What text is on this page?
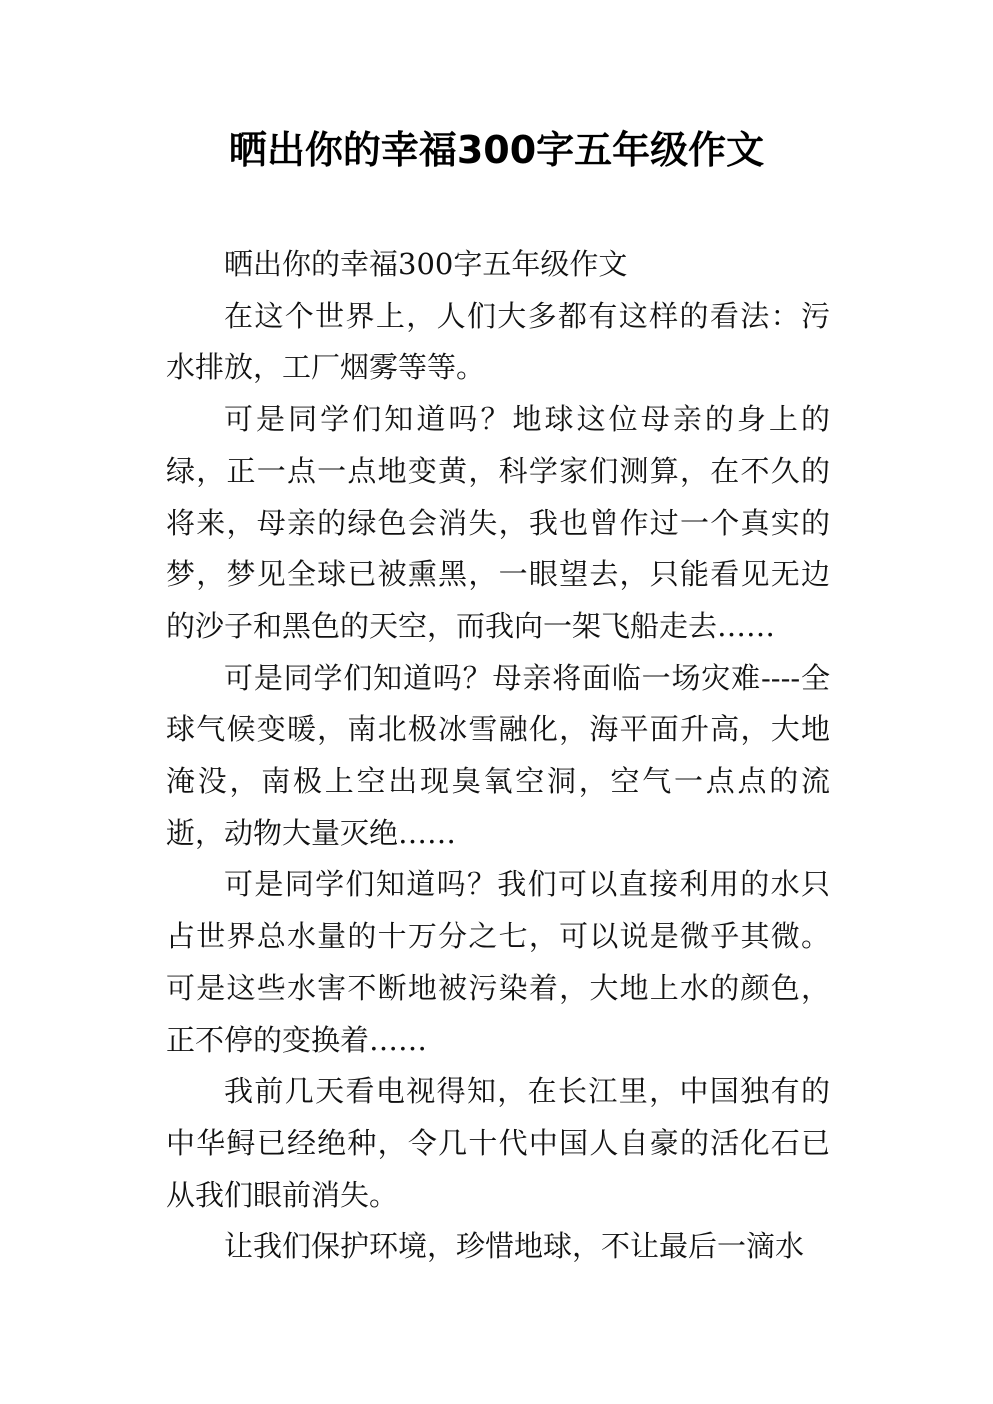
晒出你的幸福300字五年级作文

晒出你的幸福300字五年级作文

在这个世界上，人们大多都有这样的看法：污水排放，工厂烟雾等等。

可是同学们知道吗？地球这位母亲的身上的绿，正一点一点地变黄，科学家们测算，在不久的将来，母亲的绿色会消失，我也曾作过一个真实的梦，梦见全球已被熏黑，一眼望去，只能看见无边的沙子和黑色的天空，而我向一架飞船走去……

可是同学们知道吗？母亲将面临一场灾难----全球气候变暖，南北极冰雪融化，海平面升高，大地淹没，南极上空出现臭氧空洞，空气一点点的流逝，动物大量灭绝……

可是同学们知道吗？我们可以直接利用的水只占世界总水量的十万分之七，可以说是微乎其微。可是这些水害不断地被污染着，大地上水的颜色，正不停的变换着……

我前几天看电视得知，在长江里，中国独有的中华鲟已经绝种，令几十代中国人自豪的活化石已从我们眼前消失。

让我们保护环境，珍惜地球，不让最后一滴水
